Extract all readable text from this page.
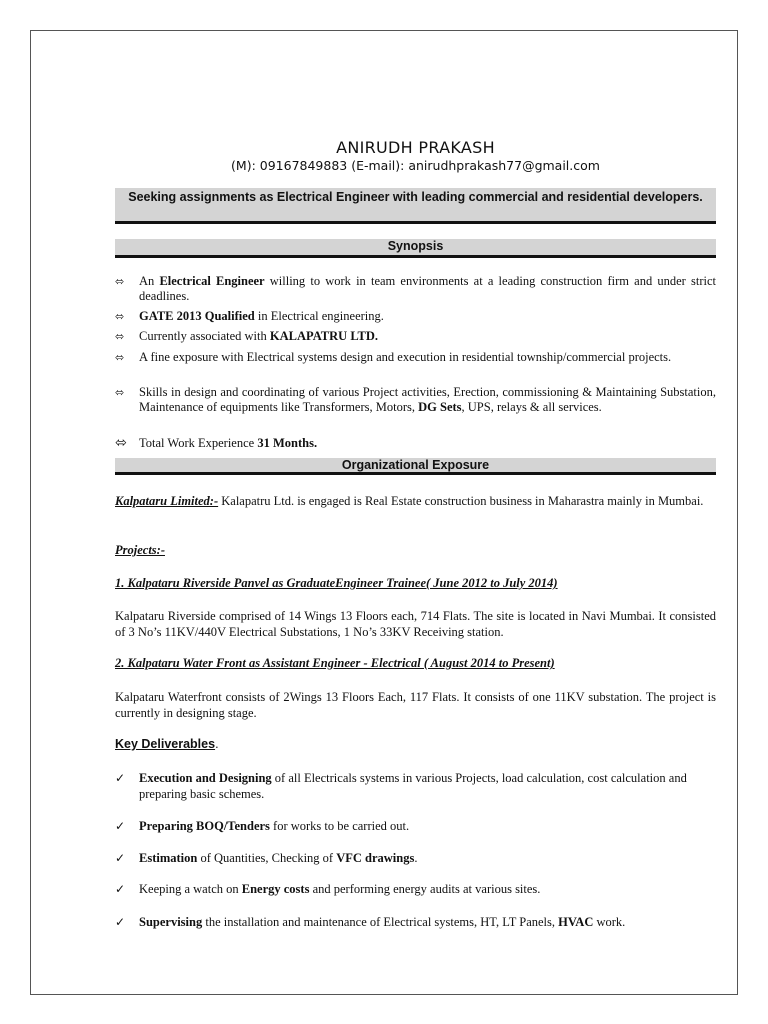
ANIRUDH PRAKASH
(M): 09167849883 (E-mail): anirudhprakash77@gmail.com
Seeking assignments as Electrical Engineer with leading commercial and residential developers.
Synopsis
⬄	An Electrical Engineer willing to work in team environments at a leading construction firm and under strict deadlines.
⬄	GATE 2013 Qualified in Electrical engineering.
⬄	Currently associated with KALAPATRU LTD.
⬄	A fine exposure with Electrical systems design and execution in residential township/commercial projects.
⬄	Skills in design and coordinating of various Project activities, Erection, commissioning & Maintaining Substation, Maintenance of equipments like Transformers, Motors, DG Sets, UPS, relays & all services.
⬄ Total Work Experience 31 Months.
Organizational Exposure
Kalpataru Limited:- Kalapatru Ltd. is engaged is Real Estate construction business in Maharastra mainly in Mumbai.
Projects:-
1. Kalpataru Riverside Panvel as GraduateEngineer Trainee( June 2012 to July 2014)
Kalpataru Riverside comprised of 14 Wings 13 Floors each, 714 Flats. The site is located in Navi Mumbai. It consisted of 3 No’s 11KV/440V Electrical Substations, 1 No’s 33KV Receiving station.
2. Kalpataru Water Front as Assistant Engineer - Electrical ( August 2014 to Present)
Kalpataru Waterfront consists of 2Wings 13 Floors Each, 117 Flats. It consists of one 11KV substation. The project is currently in designing stage.
Key Deliverables.
✓ Execution and Designing of all Electricals systems in various Projects, load calculation, cost calculation and preparing basic schemes.
✓ Preparing BOQ/Tenders for works to be carried out.
✓ Estimation of Quantities, Checking of VFC drawings.
✓ Keeping a watch on Energy costs and performing energy audits at various sites.
✓ Supervising the installation and maintenance of Electrical systems, HT, LT Panels, HVAC work.
